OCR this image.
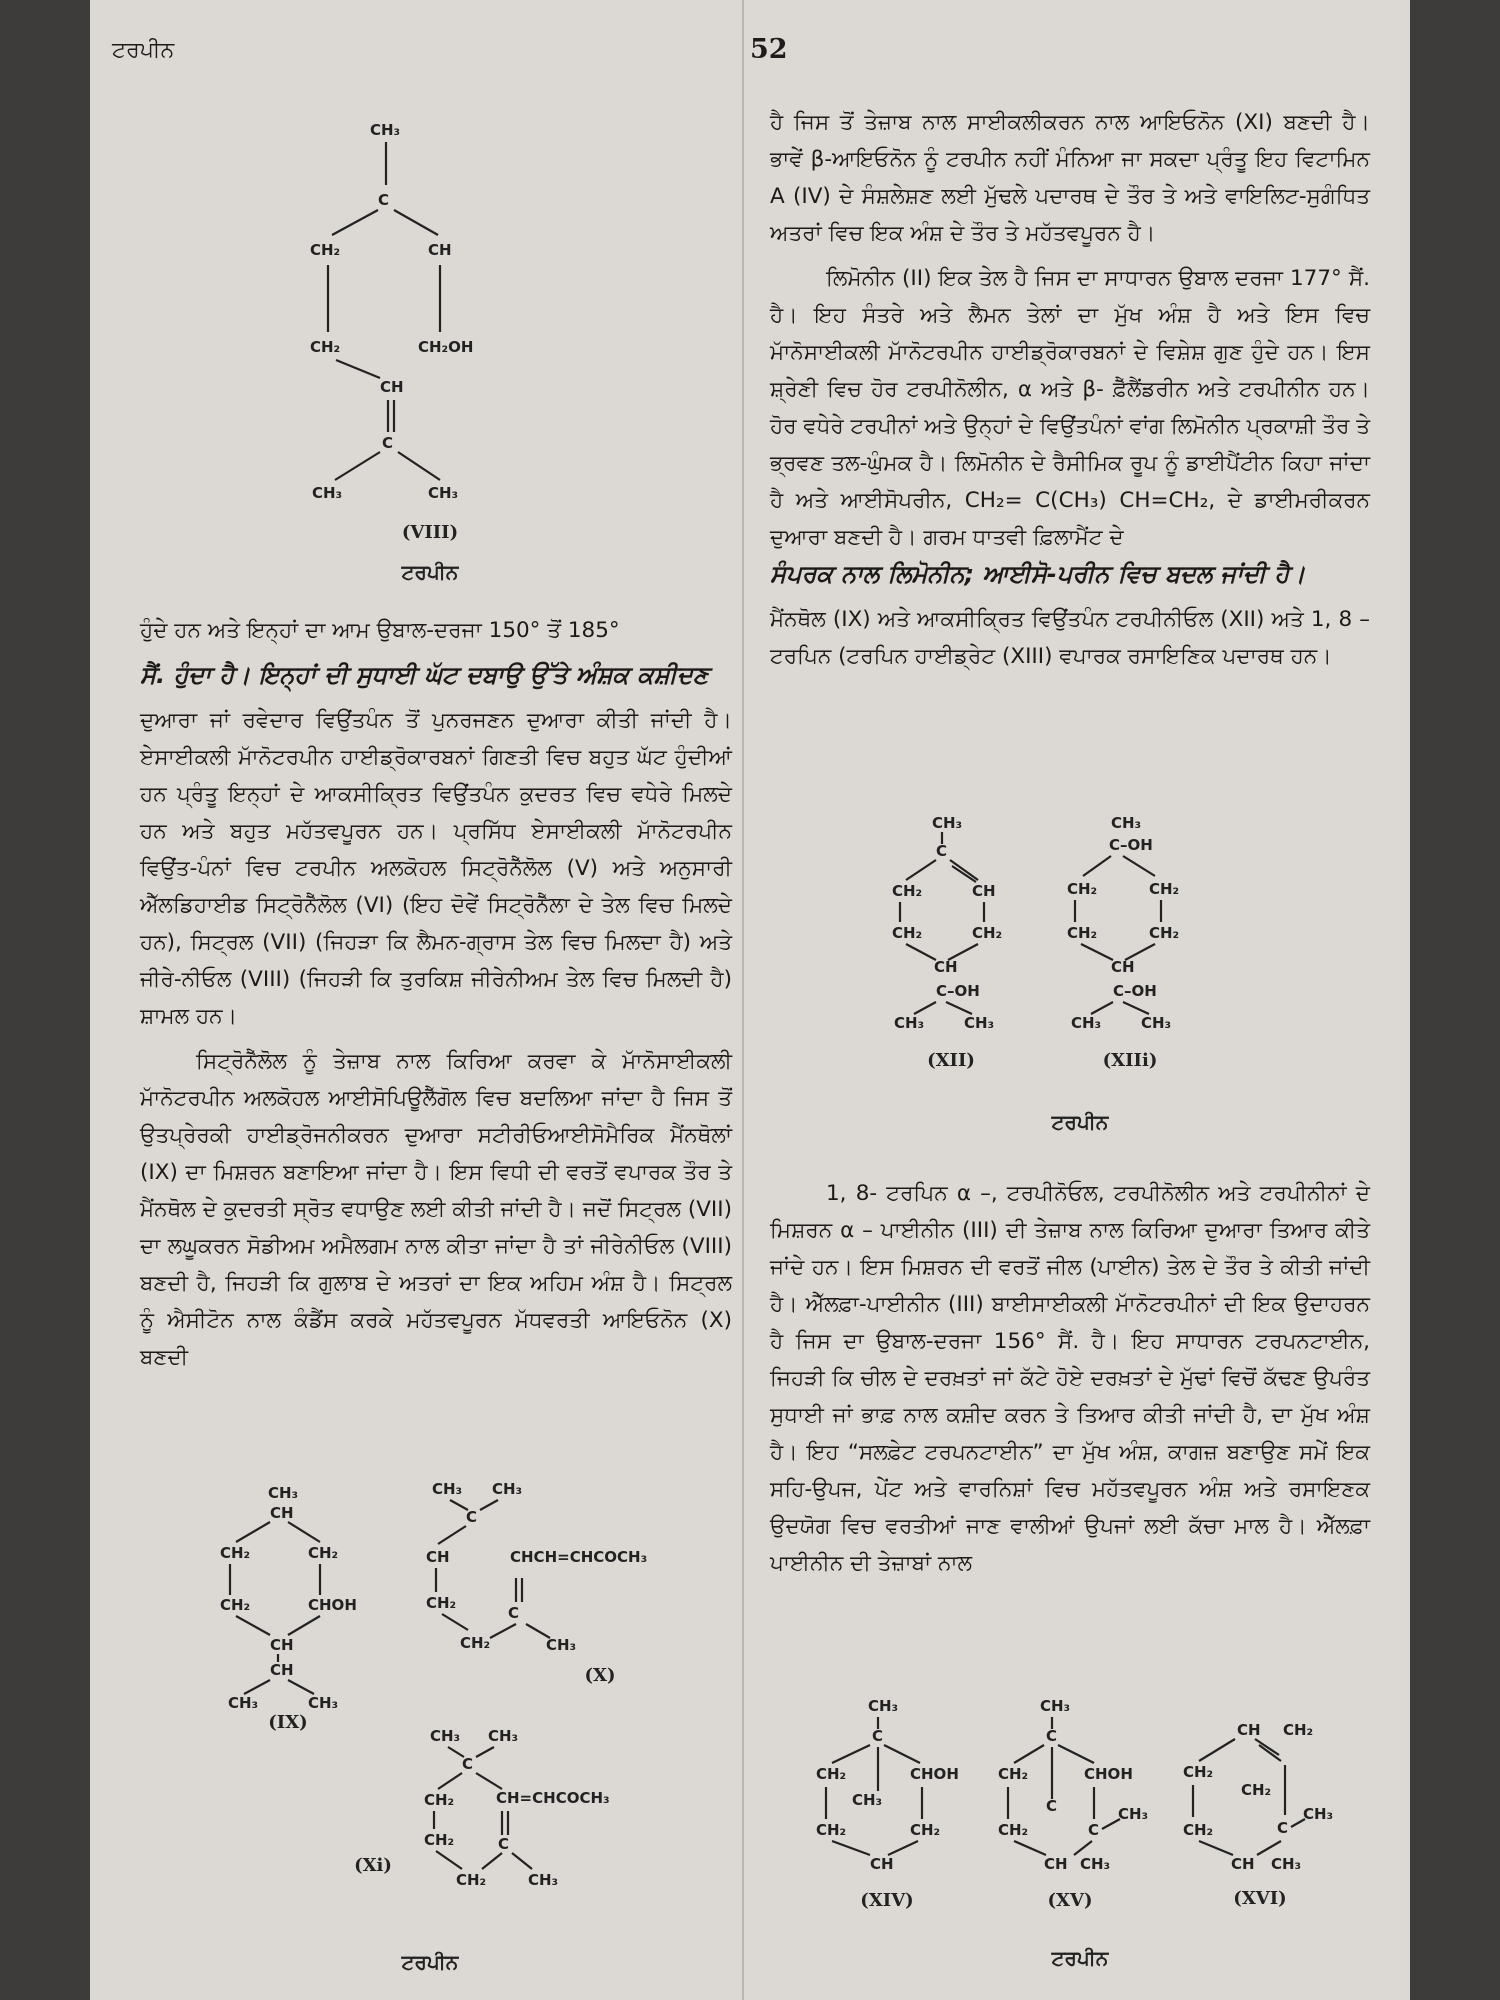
ਟਰਪੀਨ	52
CH₃
C
CH₂	CH
CH₂	CH₂OH
CH
C
CH₃	CH₃
(VIII)
ਟਰਪੀਨ

ਹੁੰਦੇ ਹਨ ਅਤੇ ਇਨ੍ਹਾਂ ਦਾ ਆਮ ਉਬਾਲ-ਦਰਜਾ 150° ਤੋਂ 185°

ਸੈਂ. ਹੁੰਦਾ ਹੈ। ਇਨ੍ਹਾਂ ਦੀ ਸੁਧਾਈ ਘੱਟ ਦਬਾਉ ਉੱਤੇ ਅੰਸ਼ਕ ਕਸ਼ੀਦਣ

ਦੁਆਰਾ ਜਾਂ ਰਵੇਦਾਰ ਵਿਉਂਤਪੰਨ ਤੋਂ ਪੁਨਰਜਣਨ ਦੁਆਰਾ ਕੀਤੀ ਜਾਂਦੀ ਹੈ। ਏਸਾਈਕਲੀ ਮਾੱਨੋਟਰਪੀਨ ਹਾਈਡ੍ਰੋਕਾਰਬਨਾਂ ਗਿਣਤੀ ਵਿਚ ਬਹੁਤ ਘੱਟ ਹੁੰਦੀਆਂ ਹਨ ਪ੍ਰੰਤੂ ਇਨ੍ਹਾਂ ਦੇ ਆਕਸੀਕ੍ਰਿਤ ਵਿਉਂਤਪੰਨ ਕੁਦਰਤ ਵਿਚ ਵਧੇਰੇ ਮਿਲਦੇ ਹਨ ਅਤੇ ਬਹੁਤ ਮਹੱਤਵਪੂਰਨ ਹਨ। ਪ੍ਰਸਿੱਧ ਏਸਾਈਕਲੀ ਮਾੱਨੋਟਰਪੀਨ ਵਿਉਂਤ-ਪੰਨਾਂ ਵਿਚ ਟਰਪੀਨ ਅਲਕੋਹਲ ਸਿਟ੍ਰੋਨੈੱਲੋਲ (V) ਅਤੇ ਅਨੁਸਾਰੀ ਐੱਲਡਿਹਾਈਡ ਸਿਟ੍ਰੋਨੈੱਲੋਲ (VI) (ਇਹ ਦੋਵੇਂ ਸਿਟ੍ਰੋਨੈੱਲਾ ਦੇ ਤੇਲ ਵਿਚ ਮਿਲਦੇ ਹਨ), ਸਿਟ੍ਰਲ (VII) (ਜਿਹੜਾ ਕਿ ਲੈਮਨ-ਗ੍ਰਾਸ ਤੇਲ ਵਿਚ ਮਿਲਦਾ ਹੈ) ਅਤੇ ਜੀਰੇ-ਨੀਓਲ (VIII) (ਜਿਹੜੀ ਕਿ ਤੁਰਕਿਸ਼ ਜੀਰੇਨੀਅਮ ਤੇਲ ਵਿਚ ਮਿਲਦੀ ਹੈ) ਸ਼ਾਮਲ ਹਨ।

ਸਿਟ੍ਰੋਨੈੱਲੋਲ ਨੂੰ ਤੇਜ਼ਾਬ ਨਾਲ ਕਿਰਿਆ ਕਰਵਾ ਕੇ ਮਾੱਨੋਸਾਈਕਲੀ ਮਾੱਨੋਟਰਪੀਨ ਅਲਕੋਹਲ ਆਈਸੋਪਿਊਲੈੱਗੋਲ ਵਿਚ ਬਦਲਿਆ ਜਾਂਦਾ ਹੈ ਜਿਸ ਤੋਂ ਉਤਪ੍ਰੇਰਕੀ ਹਾਈਡ੍ਰੋਜਨੀਕਰਨ ਦੁਆਰਾ ਸਟੀਰੀਓਆਈਸੋਮੈਰਿਕ ਮੈਂਨਥੋਲਾਂ (IX) ਦਾ ਮਿਸ਼ਰਨ ਬਣਾਇਆ ਜਾਂਦਾ ਹੈ। ਇਸ ਵਿਧੀ ਦੀ ਵਰਤੋਂ ਵਪਾਰਕ ਤੌਰ ਤੇ ਮੈਂਨਥੋਲ ਦੇ ਕੁਦਰਤੀ ਸ੍ਰੋਤ ਵਧਾਉਣ ਲਈ ਕੀਤੀ ਜਾਂਦੀ ਹੈ। ਜਦੋਂ ਸਿਟ੍ਰਲ (VII) ਦਾ ਲਘੂਕਰਨ ਸੋਡੀਅਮ ਅਮੈਲਗਮ ਨਾਲ ਕੀਤਾ ਜਾਂਦਾ ਹੈ ਤਾਂ ਜੀਰੇਨੀਓਲ (VIII) ਬਣਦੀ ਹੈ, ਜਿਹੜੀ ਕਿ ਗੁਲਾਬ ਦੇ ਅਤਰਾਂ ਦਾ ਇਕ ਅਹਿਮ ਅੰਸ਼ ਹੈ। ਸਿਟ੍ਰਲ ਨੂੰ ਐਸੀਟੋਨ ਨਾਲ ਕੰਡੈਂਸ ਕਰਕੇ ਮਹੱਤਵਪੂਰਨ ਮੱਧਵਰਤੀ ਆਇਓਨੋਨ (X) ਬਣਦੀ

CH₃
CH
CH₂	CH₂
CH₂	CHOH
CH
CH
CH₃	CH₃
(IX)
CH₃ CH₃
C
CH
CH₂
CH₂
C
CHCH=CHCOCH₃
CH₃
(X)
CH₃ CH₃
C
CH₂	CH=CHCOCH₃
CH₂	C
CH₂	CH₃
(Xi)
ਟਰਪੀਨ

ਹੈ ਜਿਸ ਤੋਂ ਤੇਜ਼ਾਬ ਨਾਲ ਸਾਈਕਲੀਕਰਨ ਨਾਲ ਆਇਓਨੋਨ (XI) ਬਣਦੀ ਹੈ। ਭਾਵੇਂ β-ਆਇਓਨੋਨ ਨੂੰ ਟਰਪੀਨ ਨਹੀਂ ਮੰਨਿਆ ਜਾ ਸਕਦਾ ਪ੍ਰੰਤੂ ਇਹ ਵਿਟਾਮਿਨ A (IV) ਦੇ ਸੰਸ਼ਲੇਸ਼ਣ ਲਈ ਮੁੱਢਲੇ ਪਦਾਰਥ ਦੇ ਤੌਰ ਤੇ ਅਤੇ ਵਾਇਲਿਟ-ਸੁਗੰਧਿਤ ਅਤਰਾਂ ਵਿਚ ਇਕ ਅੰਸ਼ ਦੇ ਤੌਰ ਤੇ ਮਹੱਤਵਪੂਰਨ ਹੈ।

ਲਿਮੋਨੀਨ (II) ਇਕ ਤੇਲ ਹੈ ਜਿਸ ਦਾ ਸਾਧਾਰਨ ਉਬਾਲ ਦਰਜਾ 177° ਸੈਂ. ਹੈ। ਇਹ ਸੰਤਰੇ ਅਤੇ ਲੈਮਨ ਤੇਲਾਂ ਦਾ ਮੁੱਖ ਅੰਸ਼ ਹੈ ਅਤੇ ਇਸ ਵਿਚ ਮਾੱਨੋਸਾਈਕਲੀ ਮਾੱਨੋਟਰਪੀਨ ਹਾਈਡ੍ਰੋਕਾਰਬਨਾਂ ਦੇ ਵਿਸ਼ੇਸ਼ ਗੁਣ ਹੁੰਦੇ ਹਨ। ਇਸ ਸ਼੍ਰੇਣੀ ਵਿਚ ਹੋਰ ਟਰਪੀਨੋਲੀਨ, α ਅਤੇ β- ਫ਼ੈੱਲੈਂਡਰੀਨ ਅਤੇ ਟਰਪੀਨੀਨ ਹਨ। ਹੋਰ ਵਧੇਰੇ ਟਰਪੀਨਾਂ ਅਤੇ ਉਨ੍ਹਾਂ ਦੇ ਵਿਉਂਤਪੰਨਾਂ ਵਾਂਗ ਲਿਮੋਨੀਨ ਪ੍ਰਕਾਸ਼ੀ ਤੌਰ ਤੇ ਭ੍ਰਵਣ ਤਲ-ਘੁੰਮਕ ਹੈ। ਲਿਮੋਨੀਨ ਦੇ ਰੈਸੀਮਿਕ ਰੂਪ ਨੂੰ ਡਾਈਪੈਂਟੀਨ ਕਿਹਾ ਜਾਂਦਾ ਹੈ ਅਤੇ ਆਈਸੋਪਰੀਨ, CH₂= C(CH₃) CH=CH₂, ਦੇ ਡਾਈਮਰੀਕਰਨ ਦੁਆਰਾ ਬਣਦੀ ਹੈ। ਗਰਮ ਧਾਤਵੀ ਫ਼ਿਲਾਮੈਂਟ ਦੇ

ਸੰਪਰਕ ਨਾਲ ਲਿਮੋਨੀਨ; ਆਈਸੋ-ਪਰੀਨ ਵਿਚ ਬਦਲ ਜਾਂਦੀ ਹੈ।

ਮੈਂਨਥੋਲ (IX) ਅਤੇ ਆਕਸੀਕ੍ਰਿਤ ਵਿਉਂਤਪੰਨ ਟਰਪੀਨੀਓਲ (XII) ਅਤੇ 1, 8 – ਟਰਪਿਨ (ਟਰਪਿਨ ਹਾਈਡ੍ਰੇਟ (XIII) ਵਪਾਰਕ ਰਸਾਇਣਿਕ ਪਦਾਰਥ ਹਨ।

CH₃
C
CH₂	CH
CH₂	CH₂
CH
C–OH
CH₃	CH₃
(XII)
CH₃
C–OH
CH₂	CH₂
CH₂	CH₂
CH
C–OH
CH₃	CH₃
(XIIi)
ਟਰਪੀਨ

1, 8- ਟਰਪਿਨ α –, ਟਰਪੀਨੋਓਲ, ਟਰਪੀਨੋਲੀਨ ਅਤੇ ਟਰਪੀਨੀਨਾਂ ਦੇ ਮਿਸ਼ਰਨ α – ਪਾਈਨੀਨ (III) ਦੀ ਤੇਜ਼ਾਬ ਨਾਲ ਕਿਰਿਆ ਦੁਆਰਾ ਤਿਆਰ ਕੀਤੇ ਜਾਂਦੇ ਹਨ। ਇਸ ਮਿਸ਼ਰਨ ਦੀ ਵਰਤੋਂ ਜੀਲ (ਪਾਈਨ) ਤੇਲ ਦੇ ਤੌਰ ਤੇ ਕੀਤੀ ਜਾਂਦੀ ਹੈ। ਐੱਲਫ਼ਾ-ਪਾਈਨੀਨ (III) ਬਾਈਸਾਈਕਲੀ ਮਾੱਨੋਟਰਪੀਨਾਂ ਦੀ ਇਕ ਉਦਾਹਰਨ ਹੈ ਜਿਸ ਦਾ ਉਬਾਲ-ਦਰਜਾ 156° ਸੈਂ. ਹੈ। ਇਹ ਸਾਧਾਰਨ ਟਰਪਨਟਾਈਨ, ਜਿਹੜੀ ਕਿ ਚੀਲ ਦੇ ਦਰਖ਼ਤਾਂ ਜਾਂ ਕੱਟੇ ਹੋਏ ਦਰਖ਼ਤਾਂ ਦੇ ਮੁੱਢਾਂ ਵਿਚੋਂ ਕੱਢਣ ਉਪਰੰਤ ਸੁਧਾਈ ਜਾਂ ਭਾਫ਼ ਨਾਲ ਕਸ਼ੀਦ ਕਰਨ ਤੇ ਤਿਆਰ ਕੀਤੀ ਜਾਂਦੀ ਹੈ, ਦਾ ਮੁੱਖ ਅੰਸ਼ ਹੈ। ਇਹ “ਸਲਫ਼ੇਟ ਟਰਪਨਟਾਈਨ” ਦਾ ਮੁੱਖ ਅੰਸ਼, ਕਾਗਜ਼ ਬਣਾਉਣ ਸਮੇਂ ਇਕ ਸਹਿ-ਉਪਜ, ਪੇਂਟ ਅਤੇ ਵਾਰਨਿਸ਼ਾਂ ਵਿਚ ਮਹੱਤਵਪੂਰਨ ਅੰਸ਼ ਅਤੇ ਰਸਾਇਣਕ ਉਦਯੋਗ ਵਿਚ ਵਰਤੀਆਂ ਜਾਣ ਵਾਲੀਆਂ ਉਪਜਾਂ ਲਈ ਕੱਚਾ ਮਾਲ ਹੈ। ਐੱਲਫ਼ਾ ਪਾਈਨੀਨ ਦੀ ਤੇਜ਼ਾਬਾਂ ਨਾਲ

CH₃
C
CH₂	CHOH
CH₃
CH₂	CH₂
CH
(XIV)
CH₃
C
CH₂	CHOH
C
CH₂	C
CH₃
CH CH₃
(XV)
CH CH₂
CH₂
CH₂
CH₂	C
CH₃
CH CH₃
(XVI)
ਟਰਪੀਨ
